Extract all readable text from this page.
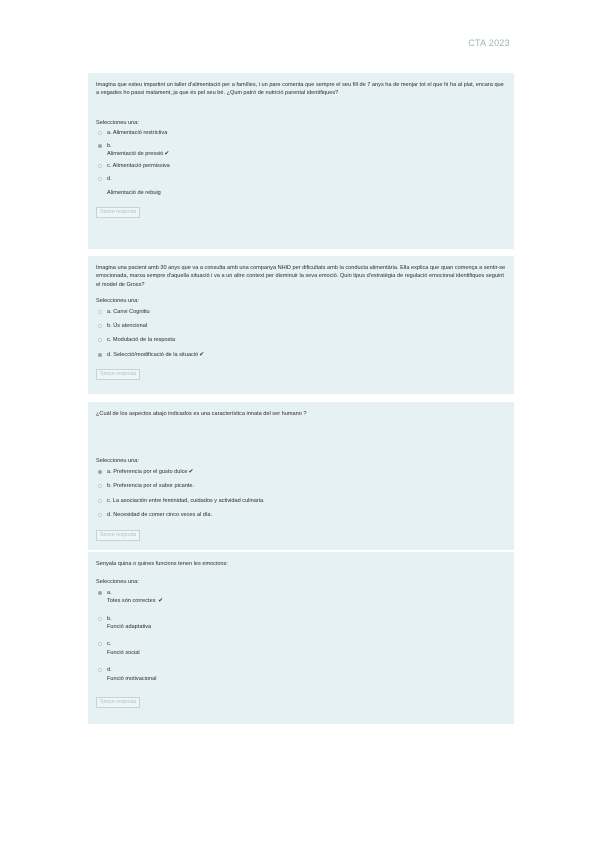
CTA 2023

Imagina que esteu impartint un taller d'alimentació per a famílies, i un pare comenta que sempre el seu fill de 7 anys ha de menjar tot el que hi ha al plat, encara que a vegades ho passi malament, ja que és pel seu bé. ¿Quin patró de nutrició parental identifiques?

Seleccioneu una:

a. Alimentació restrictiva
b.
Alimentació de pressió✔
c. Alimentació permissiva
d.
Alimentació de rebuig
Sense resposta

Imagina una pacient amb 30 anys que va a consulta amb una companya NHiD per dificultats amb la conducta alimentària. Ella explica que quan comença a sentir-se emocionada, marxa sempre d'aquella situació i va a un altre context per disminuir la seva emoció. Quin tipus d'estratègia de regulació emocional identifiques seguint el model de Gross?

Seleccioneu una:

a. Canvi Cognitiu
b. Ús atencional
c. Modulació de la resposta
d. Selecció/modificació de la situació✔
Sense resposta

¿Cuál de los aspectos abajo indicados es una característica innata del ser humano ?

Seleccioneu una:

a. Preferencia por el gusto dulce✔
b. Preferencia por el sabor picante.
c. La asociación entre feminidad, cuidados y actividad culinaria.
d. Necesidad de comer cinco veces al día.
Sense resposta

Senyala quina o quines funcions tenen les emocions:

Seleccioneu una:

a.
Totes són correctes ✔
b.
Funció adaptativa
c.
Funció social
d.
Funció motivacional
Sense resposta
